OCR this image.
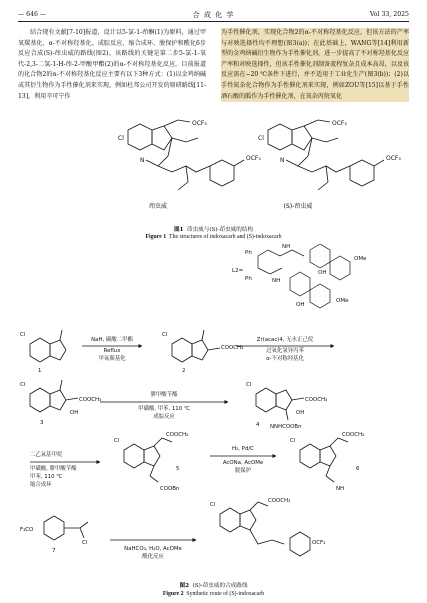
— 646 —	合 成 化 学	Vol 33, 2025

结合现有文献[7-10]报道，设计以5-氯-1-茚酮(1)为原料，通过甲氧羰基化、α-不对称羟基化、成腙反应、缩合成环、脱保护和酰化6步反应合成(S)-茚虫威的路线(图2)。该路线的关键是第二步5-氯-1-氧代-2,3-二氢-1-H-茚-2-甲酸甲酯(2)的α-不对称羟基化反应。目前报道的化合物2的α-不对称羟基化反应主要有以下3种方式：(1)以金鸡纳碱或其衍生物作为手性催化剂来实现，例如杜邦公司开发的原研路线[11-13]，利用辛可宁作

为手性催化剂，实现化合物2的α-不对称羟基化反应，但该方法的产率与对映选择性均不理想(图3(a))；在此基础上，WANG等[14]利用新型的金鸡纳碱衍生物作为手性催化剂，进一步提高了不对称羟基化反应产率和对映选择性，但该手性催化剂制备流程复杂且成本高昂，以及该反应需在−20 ℃条件下进行，并不适用于工业化生产(图3(b))；(2)以手性氮杂化合物作为手性催化剂来实现，例如ZOU等[15]以基于手性酒石酸的胍作为手性催化剂，在氧杂丙烷氧化

Cl
OCF₃
N	OCF₃
Cl
OCF₃
N	OCF₃
茚虫威	(S)-茚虫威
图1 茚虫威与(S)-茚虫威的结构
Figure 1 The structures of indoxacarb and (S)-indoxacarb
L2=
Ph
Ph
NH
NH
OH
OH
OMe
OMe
Cl
1
NaH, 碳酸二甲酯
Reflux
甲氧羰基化
Cl
COOCH₃
2
Zr(acac)4, 无水正己烷
过氧化氢异丙苯
α-不对称羟基化
Cl
COOCH₃
OH
3
肼甲酸苄酯
甲磺酸, 甲苯, 110 ℃
成腙反应
Cl
COOCH₃
OH
4 NNHCOOBn
二乙氧基甲烷
甲磺酸, 肼甲酸苄酯
甲苯, 110 ℃
缩合成环
Cl
COOCH₃
COOBn
5
H₂, Pd/C
AcONa, AcOMe
脱保护
Cl
COOCH₃
NH
6
F₃CO
Cl
7	NaHCO₃, H₂O, AcOMe
酰化反应
Cl
COOCH₃
OCF₃
图2 (S)-茚虫威的合成路线
Figure 2 Synthetic route of (S)-indoxacarb
